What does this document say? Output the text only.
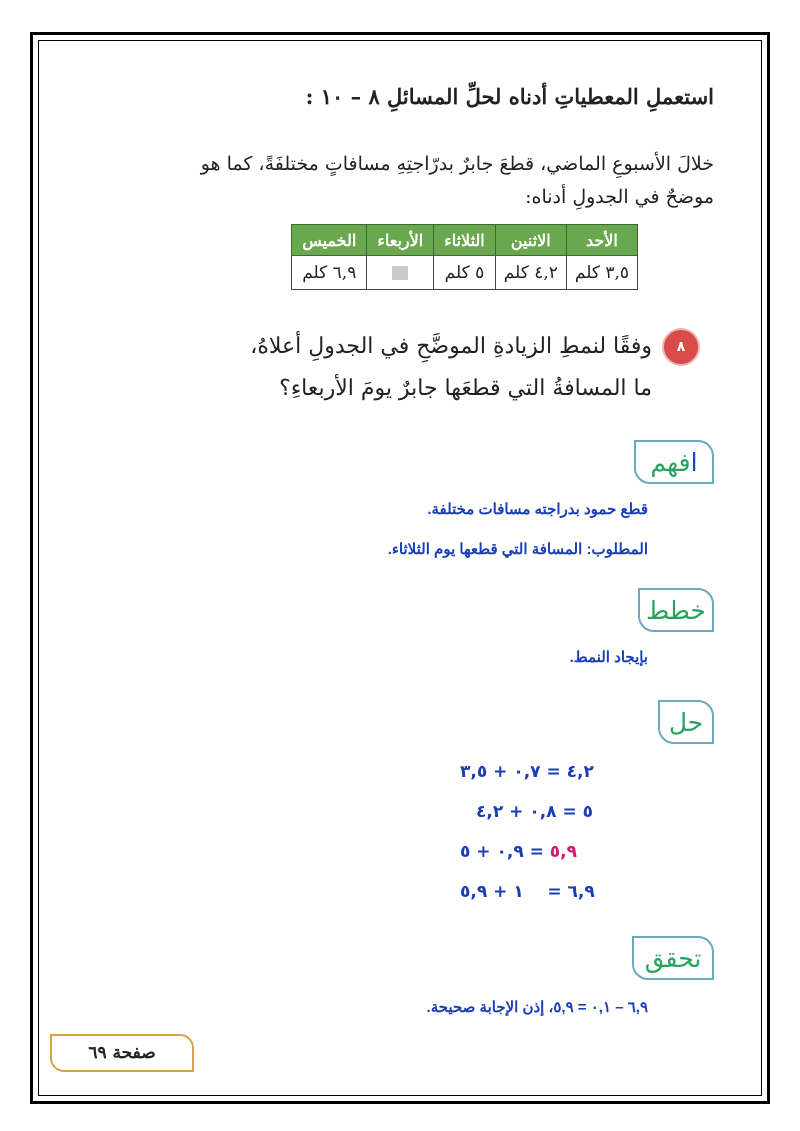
استعملِ المعطياتِ أدناه لحلِّ المسائلِ ٨ – ١٠ :
خلالَ الأسبوعِ الماضي، قطعَ جابرٌ بدرّاجتِهِ مسافاتٍ مختلفَةً، كما هو
موضحٌ في الجدولِ أدناه:
الأحد	الاثنين	الثلاثاء	الأربعاء	الخميس
٣,٥ كلم	٤,٢ كلم	٥ كلم		٦,٩ كلم
٨
وفقًا لنمطِ الزيادةِ الموضَّحِ في الجدولِ أعلاهُ،
ما المسافةُ التي قطعَها جابرٌ يومَ الأربعاءِ؟
ا
فهم
قطع حمود بدراجته مسافات مختلفة.
المطلوب: المسافة التي قطعها يوم الثلاثاء.
خطط
بإيجاد النمط.
حل
٤,٢ = ٠,٧ + ٣,٥
٥ = ٠,٨ + ٤,٢
٥,٩ = ٠,٩ + ٥
٦,٩ =    ١ + ٥,٩
تحقق
٦,٩ – ٠,١ = ٥,٩، إذن الإجابة صحيحة.
صفحة ٦٩
